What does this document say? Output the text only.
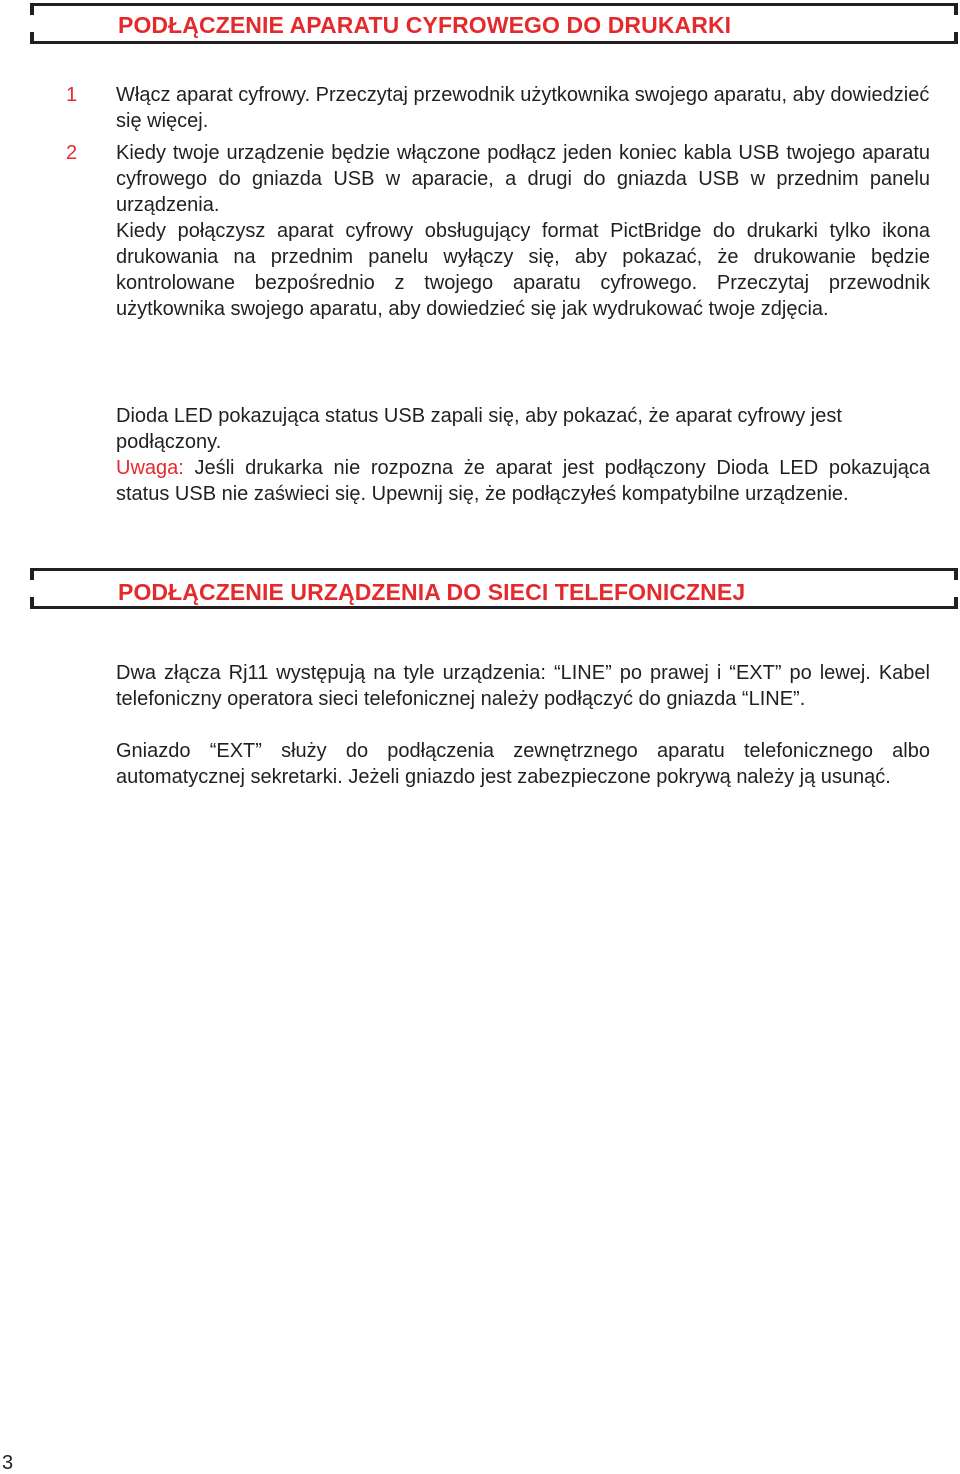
PODŁĄCZENIE APARATU CYFROWEGO DO DRUKARKI
1 Włącz aparat cyfrowy. Przeczytaj przewodnik użytkownika swojego aparatu, aby dowiedzieć się więcej.

2 Kiedy twoje urządzenie będzie włączone podłącz jeden koniec kabla USB twojego aparatu cyfrowego do gniazda USB w aparacie, a drugi do gniazda USB w przednim panelu urządzenia.

Kiedy połączysz aparat cyfrowy obsługujący format PictBridge do drukarki tylko ikona drukowania na przednim panelu wyłączy się, aby pokazać, że drukowanie będzie kontrolowane bezpośrednio z twojego aparatu cyfrowego. Przeczytaj przewodnik użytkownika swojego aparatu, aby dowiedzieć się jak wydrukować twoje zdjęcia.

Dioda LED pokazująca status USB zapali się, aby pokazać, że aparat cyfrowy jest podłączony.

Uwaga: Jeśli drukarka nie rozpozna że aparat jest podłączony Dioda LED pokazująca status USB nie zaświeci się. Upewnij się, że podłączyłeś kompatybilne urządzenie.

PODŁĄCZENIE URZĄDZENIA DO SIECI TELEFONICZNEJ

Dwa złącza Rj11 występują na tyle urządzenia: “LINE” po prawej i “EXT” po lewej. Kabel telefoniczny operatora sieci telefonicznej należy podłączyć do gniazda “LINE”.

Gniazdo “EXT” służy do podłączenia zewnętrznego aparatu telefonicznego albo automatycznej sekretarki. Jeżeli gniazdo jest zabezpieczone pokrywą należy ją usunąć.

3
